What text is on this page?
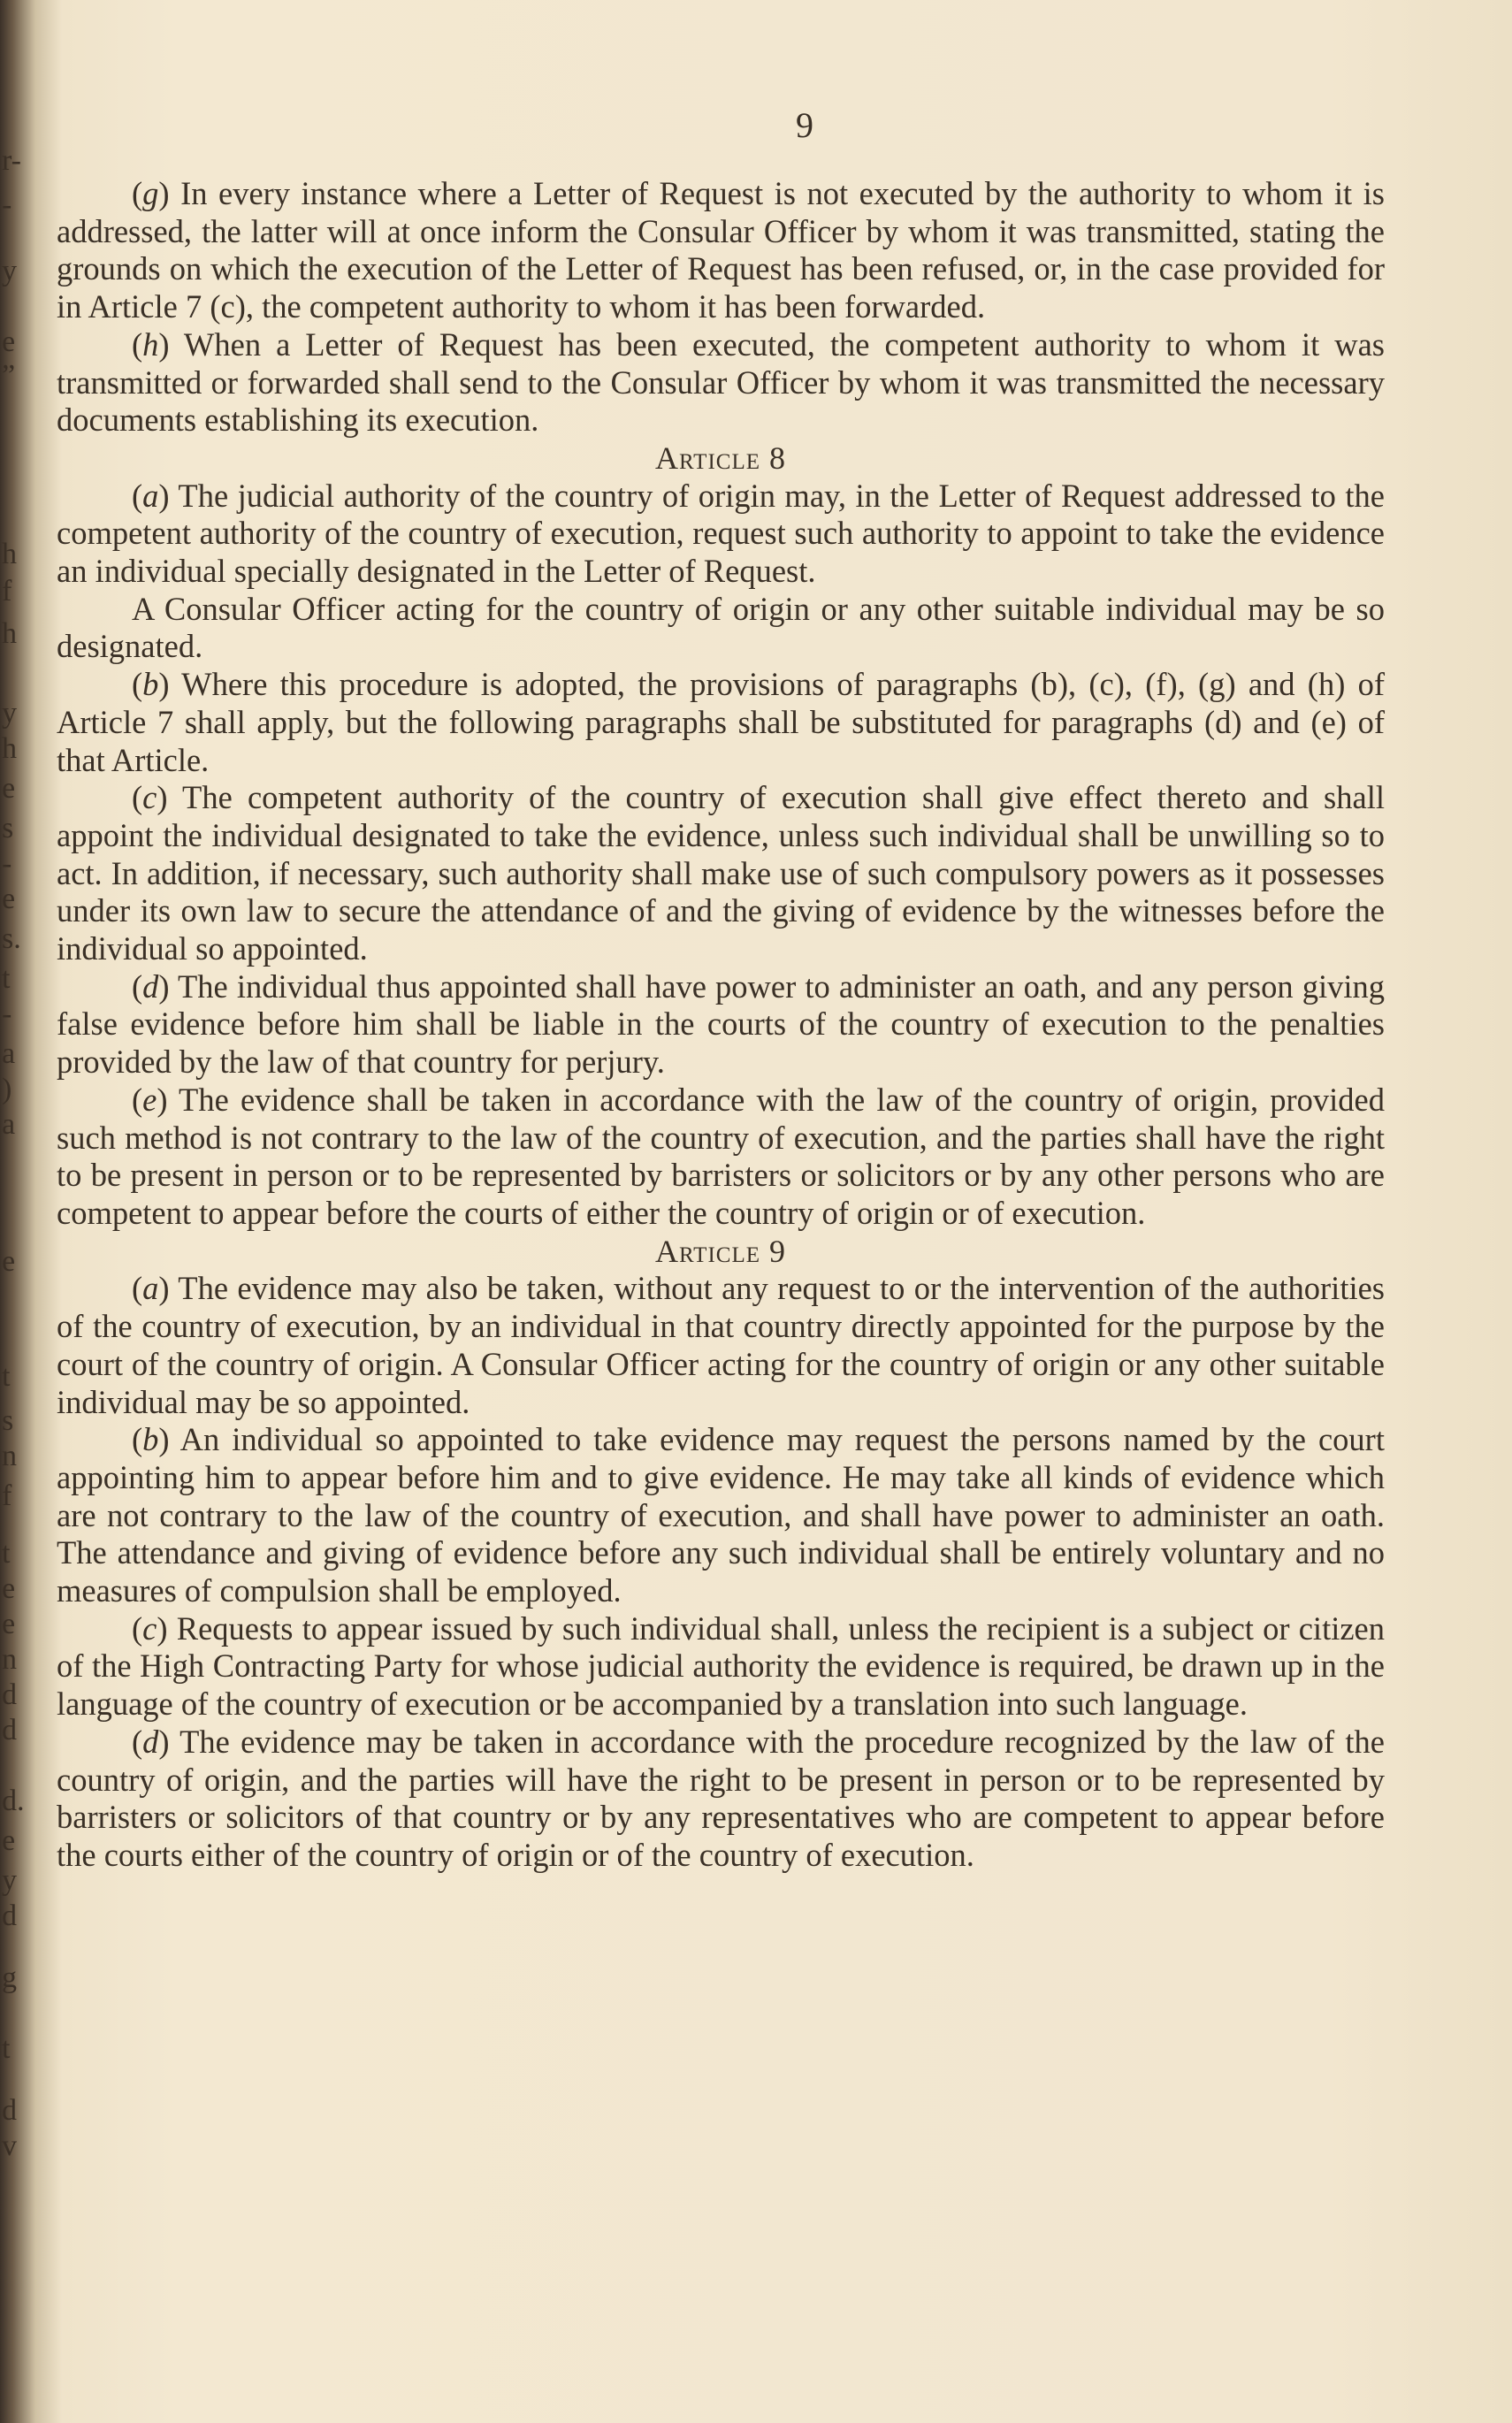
r-
-
y
e
”
h
f
h
y
h
e
s
-
e
s.
t
-
a
)
a
e
t
s
n
f
t
e
e
n
d
d
d.
e
y
d
g
t
d
v
9

(g) In every instance where a Letter of Request is not executed by the authority to whom it is addressed, the latter will at once inform the Consular Officer by whom it was transmitted, stating the grounds on which the execution of the Letter of Request has been refused, or, in the case provided for in Article 7 (c), the competent authority to whom it has been forwarded.

(h) When a Letter of Request has been executed, the competent authority to whom it was transmitted or forwarded shall send to the Consular Officer by whom it was transmitted the necessary documents establishing its execution.

Article 8

(a) The judicial authority of the country of origin may, in the Letter of Request addressed to the competent authority of the country of execution, request such authority to appoint to take the evidence an individual specially designated in the Letter of Request.

A Consular Officer acting for the country of origin or any other suitable individual may be so designated.

(b) Where this procedure is adopted, the provisions of paragraphs (b), (c), (f), (g) and (h) of Article 7 shall apply, but the following paragraphs shall be substituted for paragraphs (d) and (e) of that Article.

(c) The competent authority of the country of execution shall give effect thereto and shall appoint the individual designated to take the evidence, unless such individual shall be unwilling so to act. In addition, if necessary, such authority shall make use of such compulsory powers as it possesses under its own law to secure the attendance of and the giving of evidence by the witnesses before the individual so appointed.

(d) The individual thus appointed shall have power to administer an oath, and any person giving false evidence before him shall be liable in the courts of the country of execution to the penalties provided by the law of that country for perjury.

(e) The evidence shall be taken in accordance with the law of the country of origin, provided such method is not contrary to the law of the country of execution, and the parties shall have the right to be present in person or to be represented by barristers or solicitors or by any other persons who are competent to appear before the courts of either the country of origin or of execution.

Article 9

(a) The evidence may also be taken, without any request to or the intervention of the authorities of the country of execution, by an individual in that country directly appointed for the purpose by the court of the country of origin. A Consular Officer acting for the country of origin or any other suitable individual may be so appointed.

(b) An individual so appointed to take evidence may request the persons named by the court appointing him to appear before him and to give evidence. He may take all kinds of evidence which are not contrary to the law of the country of execution, and shall have power to administer an oath. The attendance and giving of evidence before any such individual shall be entirely voluntary and no measures of compulsion shall be employed.

(c) Requests to appear issued by such individual shall, unless the recipient is a subject or citizen of the High Contracting Party for whose judicial authority the evidence is required, be drawn up in the language of the country of execution or be accompanied by a translation into such language.

(d) The evidence may be taken in accordance with the procedure recognized by the law of the country of origin, and the parties will have the right to be present in person or to be represented by barristers or solicitors of that country or by any representatives who are competent to appear before the courts either of the country of origin or of the country of execution.
